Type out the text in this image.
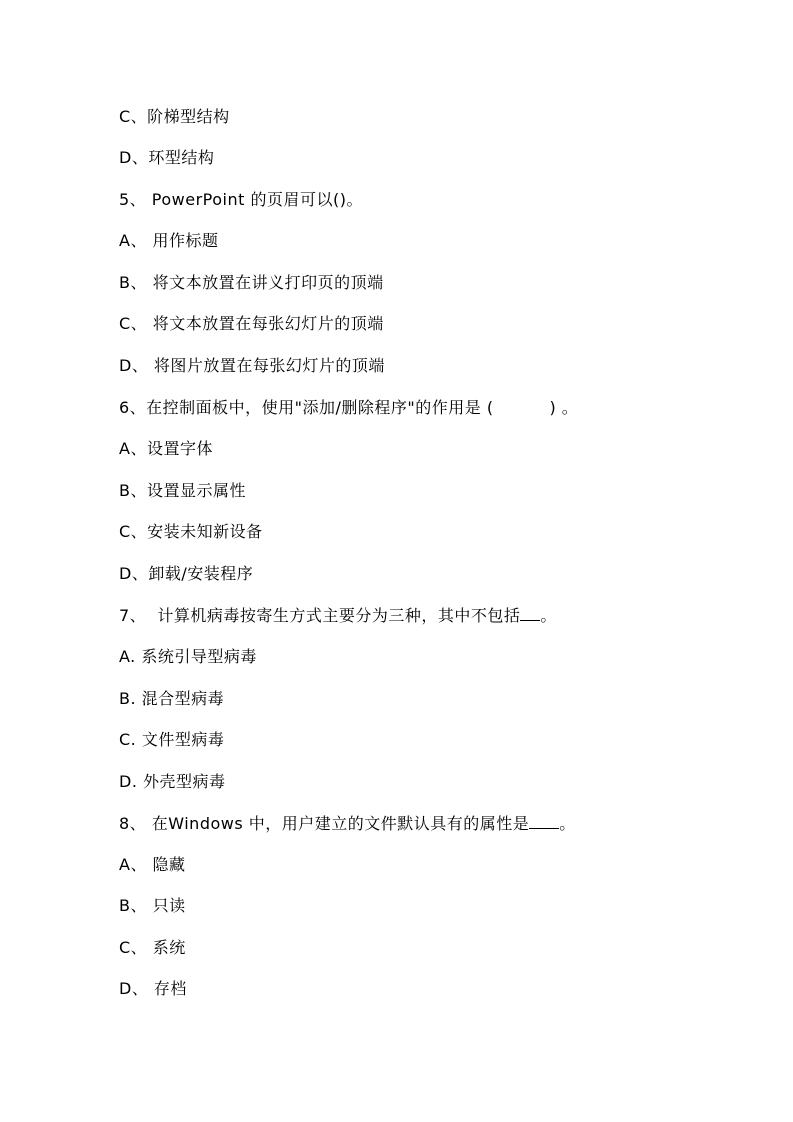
C、阶梯型结构
D、环型结构
5、 PowerPoint 的页眉可以()。
A、 用作标题
B、 将文本放置在讲义打印页的顶端
C、 将文本放置在每张幻灯片的顶端
D、 将图片放置在每张幻灯片的顶端
6、在控制面板中，使用"添加/删除程序"的作用是 (          ) 。
A、设置字体
B、设置显示属性
C、安装未知新设备
D、卸载/安装程序
7、  计算机病毒按寄生方式主要分为三种，其中不包括 。
A. 系统引导型病毒
B. 混合型病毒
C. 文件型病毒
D. 外壳型病毒
8、 在Windows 中，用户建立的文件默认具有的属性是 。
A、 隐藏
B、 只读
C、 系统
D、 存档
